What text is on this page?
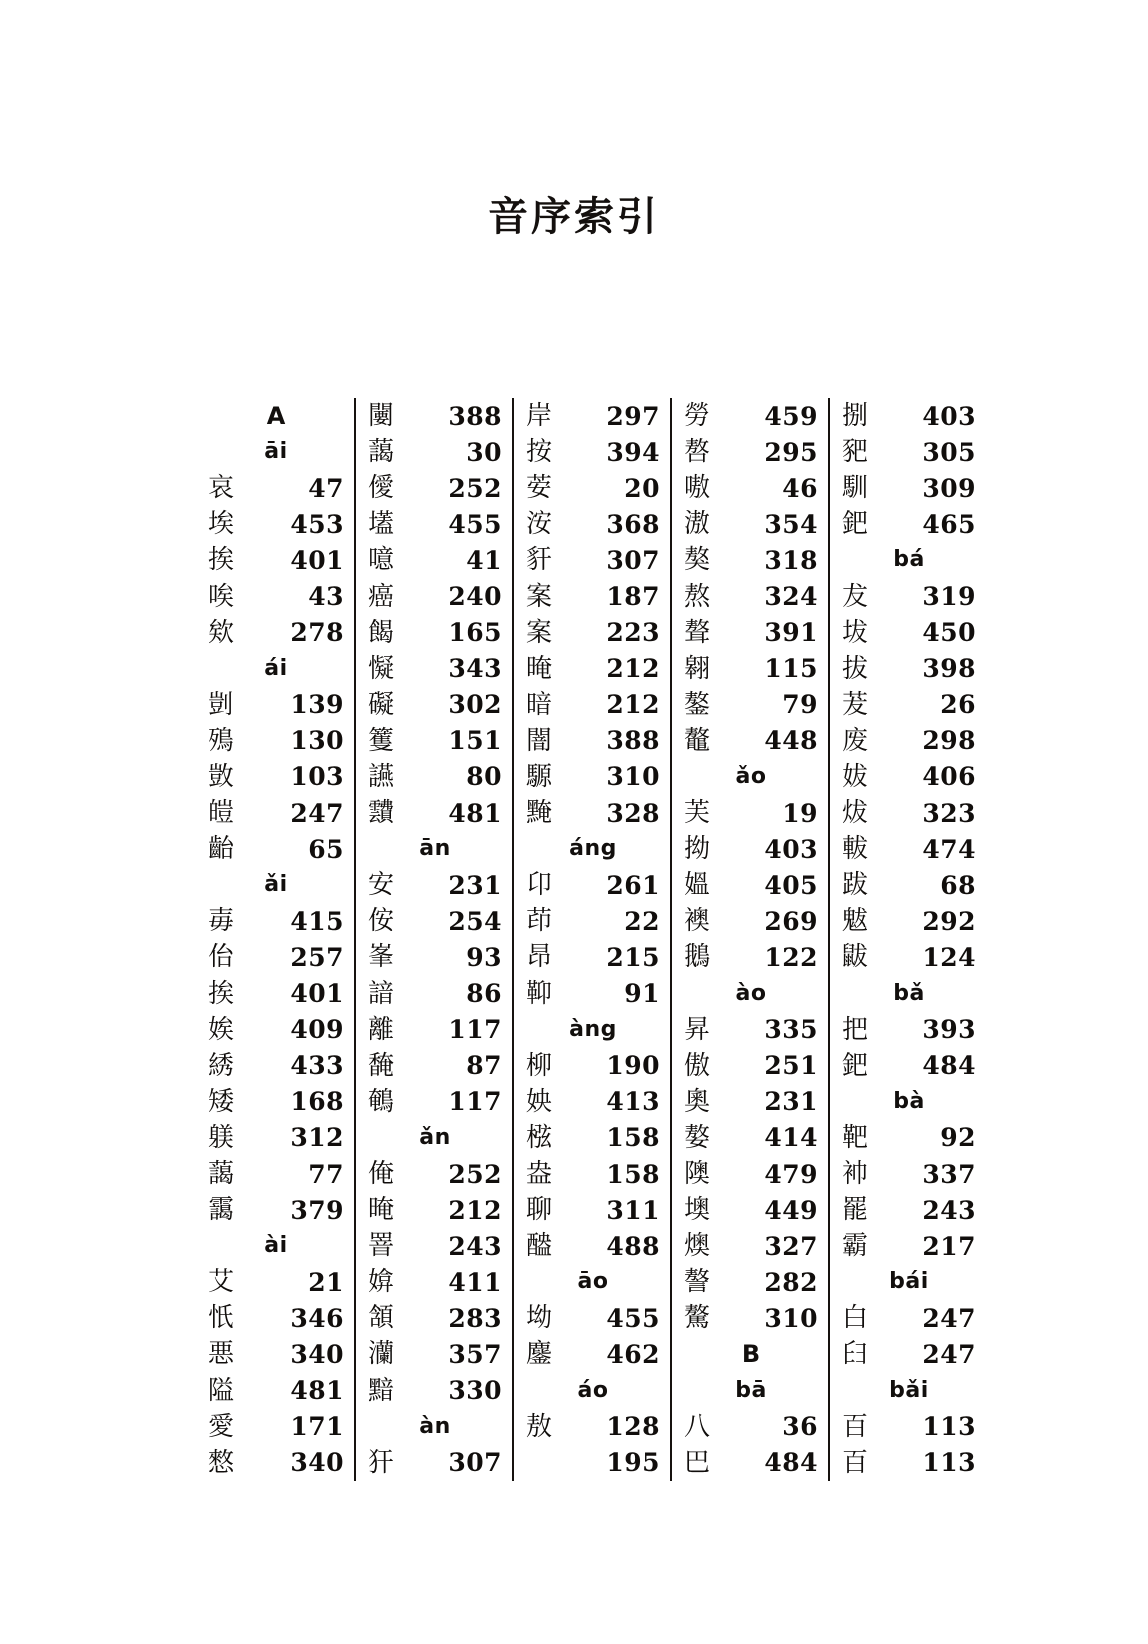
音序索引
A
āi
哀	47
埃 453
挨 401
唉	43
欸 278
ái
剴 139
殦 130
敳 103
皚 247
齝	65
ǎi
毐 415
佁 257
挨 401
娭 409
綉 433
矮 168
躾 312
藹	77
靄 379
ài
艾	21
忯 346
悪 340
隘 481
愛 171
憗 340
闄 388
藹	30
僾 252
壒 455
噫	41
癌 240
餲 165
懝 343
礙 302
籆 151
讌	80
靅 481
ān
安 231
侒 254
峯	93
諳	86
離 117
馣	87
鵪 117
ǎn
俺 252
晻 212
罯 243
媕 411
頷 283
灡 357
黯 330
àn
犴 307
岸 297
按 394
荌	20
洝 368
豻 307
案 187
案 223
晻 212
暗 212
闇 388
騵 310
黤 328
áng
卬 261
茚	22
昂 215
䩕	91
àng
柳 190
姎 413
㭹 158
盎 158
聊 311
醠 488
āo
坳 455
鏖 462
áo
敖 128
195
勞 459
嗸 295
嗷	46
滶 354
獒 318
熬 324
聱 391
翱 115
鏊	79
鼇 448
ǎo
芙	19
拗 403
媼 405
襖 269
鵝 122
ào
昇 335
傲 251
奧 231
嫯 414
隩 479
墺 449
燠 327
謷 282
驁 310
B
bā
八	36
巴 484
捌 403
豝 305
馴 309
鈀 465
bá
犮 319
坺 450
拔 398
茇	26
废 298
妭 406
炦 323
軷 474
跋	68
魃 292
鼥 124
bǎ
把 393
鈀 484
bà
靶	92
䘜 337
罷 243
霸 217
bái
白 247
𦥑 247
bǎi
百 113
百 113
